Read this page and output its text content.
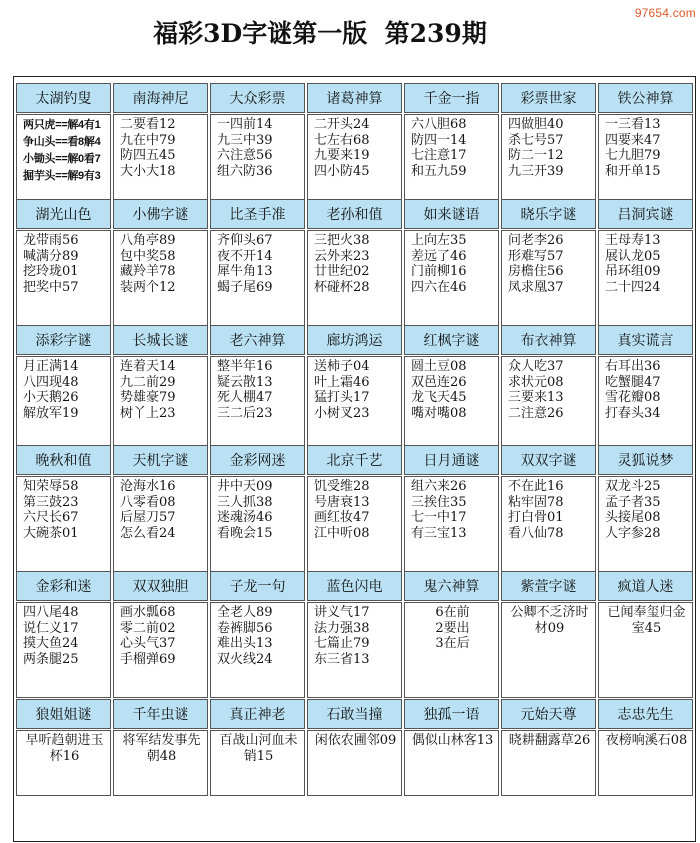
97654.com
福彩3D字谜第一版  第239期
太湖钓叟
两只虎==解4有1
争山头==看8解4
小锄头==解0看7
掘芋头==解9有3
南海神尼
二要看12
九在中79
防四五45
大小大18
大众彩票
一四前14
九三中39
六注意56
组六防36
诸葛神算
二开头24
七左右68
九要来19
四小防45
千金一指
六八胆68
防四一14
七注意17
和五九59
彩票世家
四做胆40
杀七号57
防二一12
九三开39
铁公神算
一三看13
四要来47
七九胆79
和开单15
湖光山色
龙带雨56
喊满分89
挖玲珑01
把奖中57
小佛字谜
八角亭89
包中奖58
藏羚羊78
装两个12
比圣手准
齐仰头67
夜不开14
犀牛角13
蝎子尾69
老孙和值
三把火38
云外来23
廿世纪02
杯碰杯28
如来谜语
上向左35
差远了46
门前柳16
四六在46
晓乐字谜
问老李26
形难写57
房檐住56
凤求凰37
吕洞宾谜
王母寿13
展认龙05
吊环组09
二十四24
添彩字谜
月正满14
八四现48
小天鹅26
解放军19
长城长谜
连着天14
九二前29
势雄豪79
树丫上23
老六神算
整半年16
疑云散13
死人棚47
三二后23
廊坊鸿运
送柿子04
叶上霜46
猛打头17
小树叉23
红枫字谜
圆土豆08
双邑连26
龙飞天45
嘴对嘴08
布衣神算
众人吃37
求状元08
三要来13
二注意26
真实谎言
右耳出36
吃蟹腿47
雪花瓣08
打春头34
晚秋和值
知荣辱58
第三鼓23
六尺长67
大碗茶01
天机字谜
沧海水16
八零看08
后屋刀57
怎么看24
金彩网迷
井中天09
三人抓38
迷魂汤46
看晚会15
北京千艺
饥受维28
号唐衰13
画红妆47
江中听08
日月通谜
组六来26
三挨住35
七一中17
有三宝13
双双字谜
不在此16
粘牢固78
打白骨01
看八仙78
灵狐说梦
双龙斗25
孟子者35
头接尾08
人字参28
金彩和迷
四八尾48
说仁义17
摸大鱼24
两条腿25
双双独胆
画水瓢68
零二前02
心头气37
手榴弹69
子龙一句
全老人89
卷裤脚56
难出头13
双火线24
蓝色闪电
讲义气17
法力强38
七篇止79
东三省13
鬼六神算
6在前
2要出
3在后
紫萱字谜
公卿不乏济时材09
疯道人迷
已闻奉玺归金室45
狼姐姐谜
早听趋朝进玉杯16
千年虫谜
将军结发事先朝48
真正神老
百战山河血未销15
石敢当撞
闲依农圃邻09
独孤一语
偶似山林客13
元始天尊
晓耕翻露草26
志忠先生
夜榜响溪石08
